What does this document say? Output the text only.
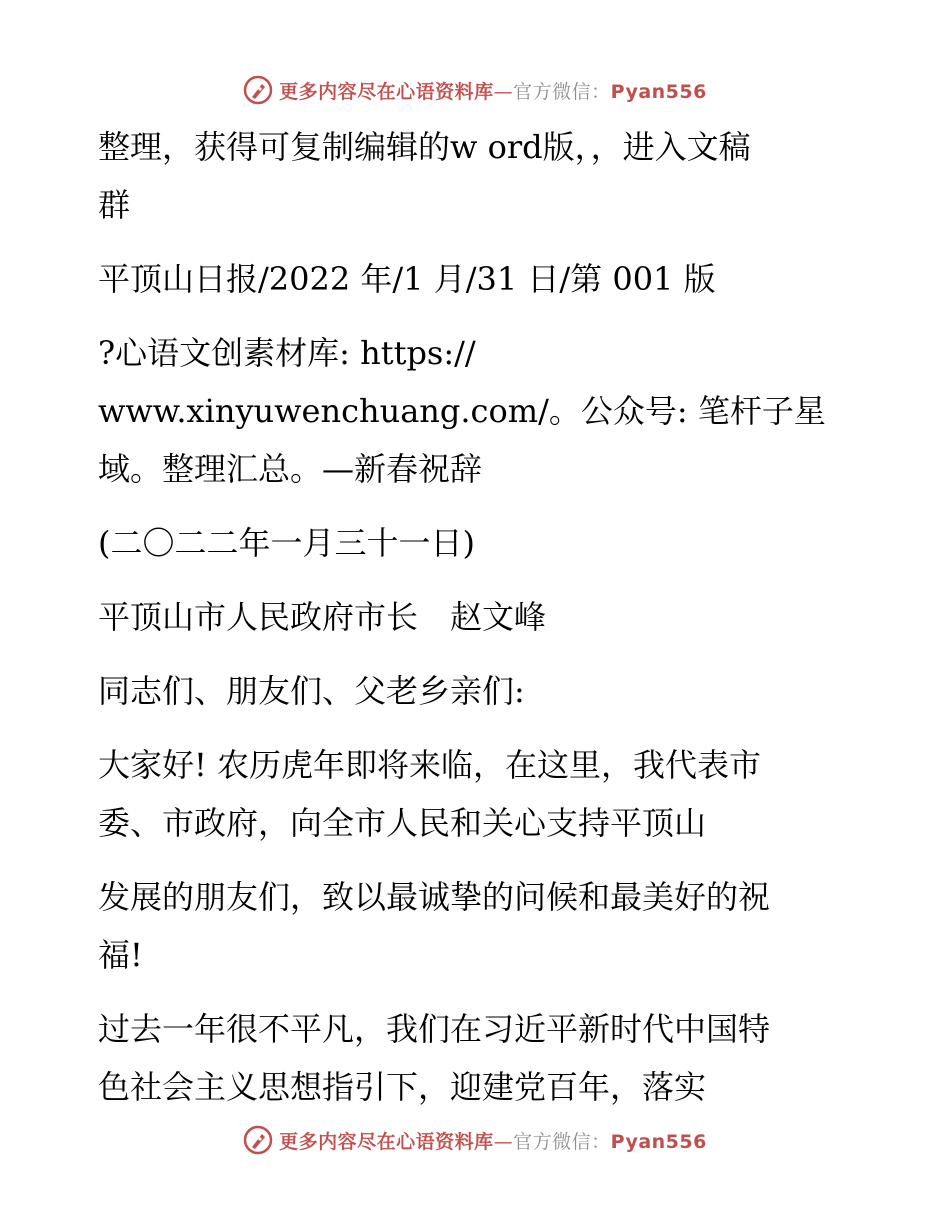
更多内容尽在心语资料库—官方微信：Pyan556
整理，获得可复制编辑的w ord版，，进入文稿
群
平顶山日报/2022 年/1 月/31 日/第 001 版
?心语文创素材库: https://
www.xinyuwenchuang.com/。公众号: 笔杆子星
域。整理汇总。—新春祝辞
(二〇二二年一月三十一日)
平顶山市人民政府市长　赵文峰
同志们、朋友们、父老乡亲们:
大家好! 农历虎年即将来临，在这里，我代表市
委、市政府，向全市人民和关心支持平顶山
发展的朋友们，致以最诚挚的问候和最美好的祝
福!
过去一年很不平凡，我们在习近平新时代中国特
色社会主义思想指引下，迎建党百年，落实
更多内容尽在心语资料库—官方微信：Pyan556
